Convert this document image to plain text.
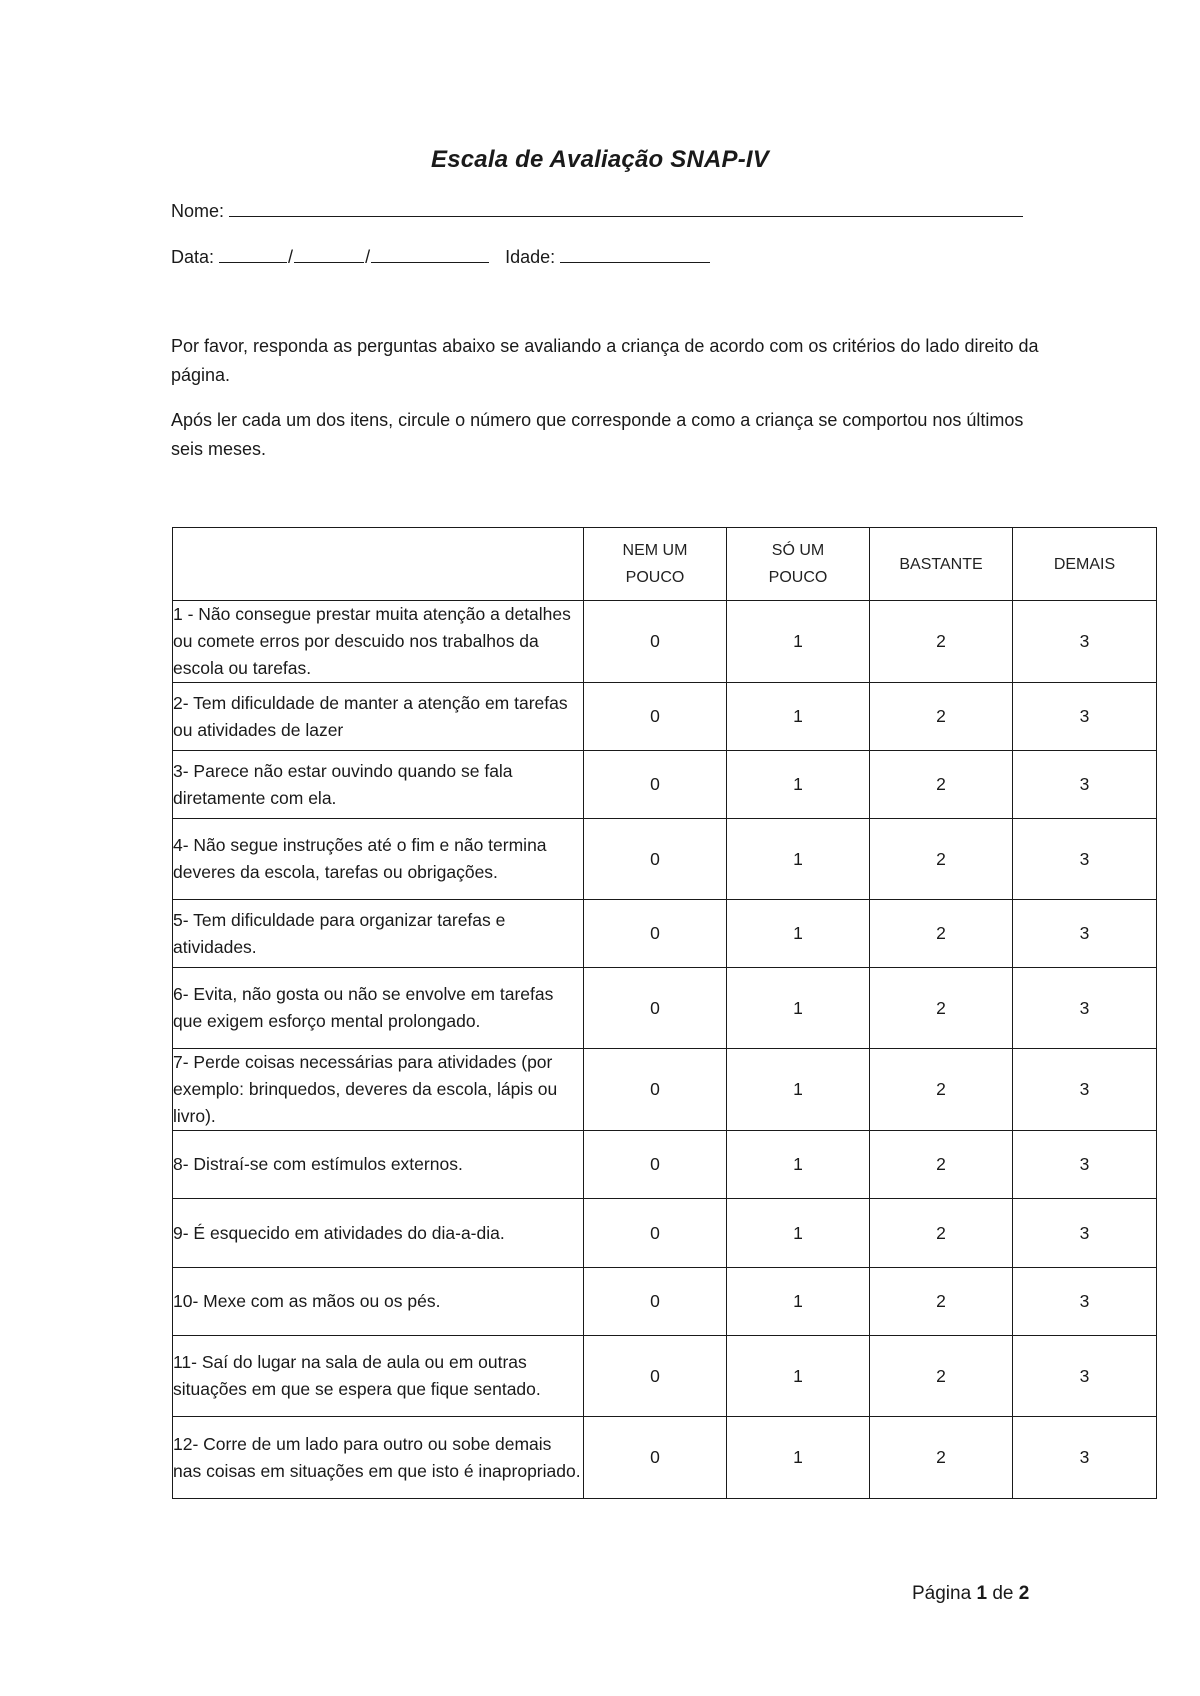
Escala de Avaliação SNAP-IV
Nome:
Data:	/	/	Idade:

Por favor, responda as perguntas abaixo se avaliando a criança de acordo com os critérios do lado direito da página.

Após ler cada um dos itens, circule o número que corresponde a como a criança se comportou nos últimos seis meses.

	NEM UM POUCO	SÓ UM POUCO	BASTANTE	DEMAIS
1 - Não consegue prestar muita atenção a detalhes ou comete erros por descuido nos trabalhos da escola ou tarefas.	0	1	2	3
2- Tem dificuldade de manter a atenção em tarefas ou atividades de lazer	0	1	2	3
3- Parece não estar ouvindo quando se fala diretamente com ela.	0	1	2	3
4- Não segue instruções até o fim e não termina deveres da escola, tarefas ou obrigações.	0	1	2	3
5- Tem dificuldade para organizar tarefas e atividades.	0	1	2	3
6- Evita, não gosta ou não se envolve em tarefas que exigem esforço mental prolongado.	0	1	2	3
7- Perde coisas necessárias para atividades (por exemplo: brinquedos, deveres da escola, lápis ou livro).	0	1	2	3
8- Distraí-se com estímulos externos.	0	1	2	3
9- É esquecido em atividades do dia-a-dia.	0	1	2	3
10- Mexe com as mãos ou os pés.	0	1	2	3
11- Saí do lugar na sala de aula ou em outras situações em que se espera que fique sentado.	0	1	2	3
12- Corre de um lado para outro ou sobe demais nas coisas em situações em que isto é inapropriado.	0	1	2	3
Página 1 de 2
